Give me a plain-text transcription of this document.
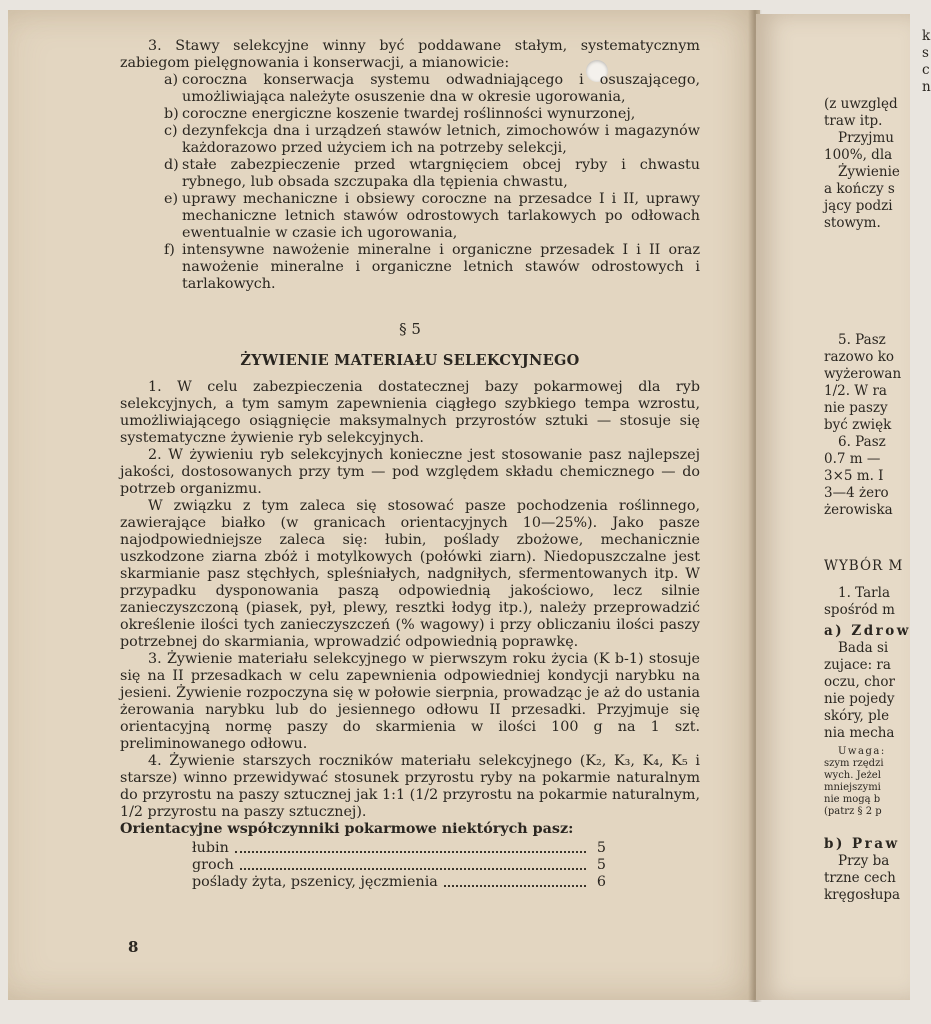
3. Stawy selekcyjne winny być poddawane stałym, systematycznym zabiegom pielęgnowania i konserwacji, a mianowicie:

a) coroczna konserwacja systemu odwadniającego i osuszającego, umożliwiająca należyte osuszenie dna w okresie ugorowania,
b) coroczne energiczne koszenie twardej roślinności wynurzonej,
c) dezynfekcja dna i urządzeń stawów letnich, zimochowów i magazynów każdorazowo przed użyciem ich na potrzeby selekcji,
d) stałe zabezpieczenie przed wtargnięciem obcej ryby i chwastu rybnego, lub obsada szczupaka dla tępienia chwastu,
e) uprawy mechaniczne i obsiewy coroczne na przesadce I i II, uprawy mechaniczne letnich stawów odrostowych tarlakowych po odłowach ewentualnie w czasie ich ugorowania,
f) intensywne nawożenie mineralne i organiczne przesadek I i II oraz nawożenie mineralne i organiczne letnich stawów odrostowych i tarlakowych.
§ 5
ŻYWIENIE MATERIAŁU SELEKCYJNEGO

1. W celu zabezpieczenia dostatecznej bazy pokarmowej dla ryb selekcyjnych, a tym samym zapewnienia ciągłego szybkiego tempa wzrostu, umożliwiającego osiągnięcie maksymalnych przyrostów sztuki — stosuje się systematyczne żywienie ryb selekcyjnych.

2. W żywieniu ryb selekcyjnych konieczne jest stosowanie pasz najlepszej jakości, dostosowanych przy tym — pod względem składu chemicznego — do potrzeb organizmu.

W związku z tym zaleca się stosować pasze pochodzenia roślinnego, zawierające białko (w granicach orientacyjnych 10—25%). Jako pasze najodpowiedniejsze zaleca się: łubin, poślady zbożowe, mechanicznie uszkodzone ziarna zbóż i motylkowych (połówki ziarn). Niedopuszczalne jest skarmianie pasz stęchłych, spleśniałych, nadgniłych, sfermentowanych itp. W przypadku dysponowania paszą odpowiednią jakościowo, lecz silnie zanieczyszczoną (piasek, pył, plewy, resztki łodyg itp.), należy przeprowadzić określenie ilości tych zanieczyszczeń (% wagowy) i przy obliczaniu ilości paszy potrzebnej do skarmiania, wprowadzić odpowiednią poprawkę.

3. Żywienie materiału selekcyjnego w pierwszym roku życia (K b-1) stosuje się na II przesadkach w celu zapewnienia odpowiedniej kondycji narybku na jesieni. Żywienie rozpoczyna się w połowie sierpnia, prowadząc je aż do ustania żerowania narybku lub do jesiennego odłowu II przesadki. Przyjmuje się orientacyjną normę paszy do skarmienia w ilości 100 g na 1 szt. preliminowanego odłowu.

4. Żywienie starszych roczników materiału selekcyjnego (K₂, K₃, K₄, K₅ i starsze) winno przewidywać stosunek przyrostu ryby na pokarmie naturalnym do przyrostu na paszy sztucznej jak 1:1 (1/2 przyrostu na pokarmie naturalnym, 1/2 przyrostu na paszy sztucznej).

Orientacyjne współczynniki pokarmowe niektórych pasz:
łubin	5
groch	5
poślady żyta, pszenicy, jęczmienia	6
8
k
s
c
n
(z uwzględ
traw itp.
Przyjmu
100%, dla
Żywienie
a kończy s
jący podzi
stowym.
5. Pasz
razowo ko
wyżerowan
1/2. W ra
nie paszy
być zwięk
6. Pasz
0.7 m —
3×5 m. I
3—4 żero
żerowiska
WYBÓR M
1. Tarla
spośród m
a) Zdrow
Bada si
zujace: ra
oczu, chor
nie pojedy
skóry, ple
nia mecha
Uwaga:
szym rzędzi
wych. Jeżel
mniejszymi
nie mogą b
(patrz § 2 p
b) Praw
Przy ba
trzne cech
kręgosłupa
